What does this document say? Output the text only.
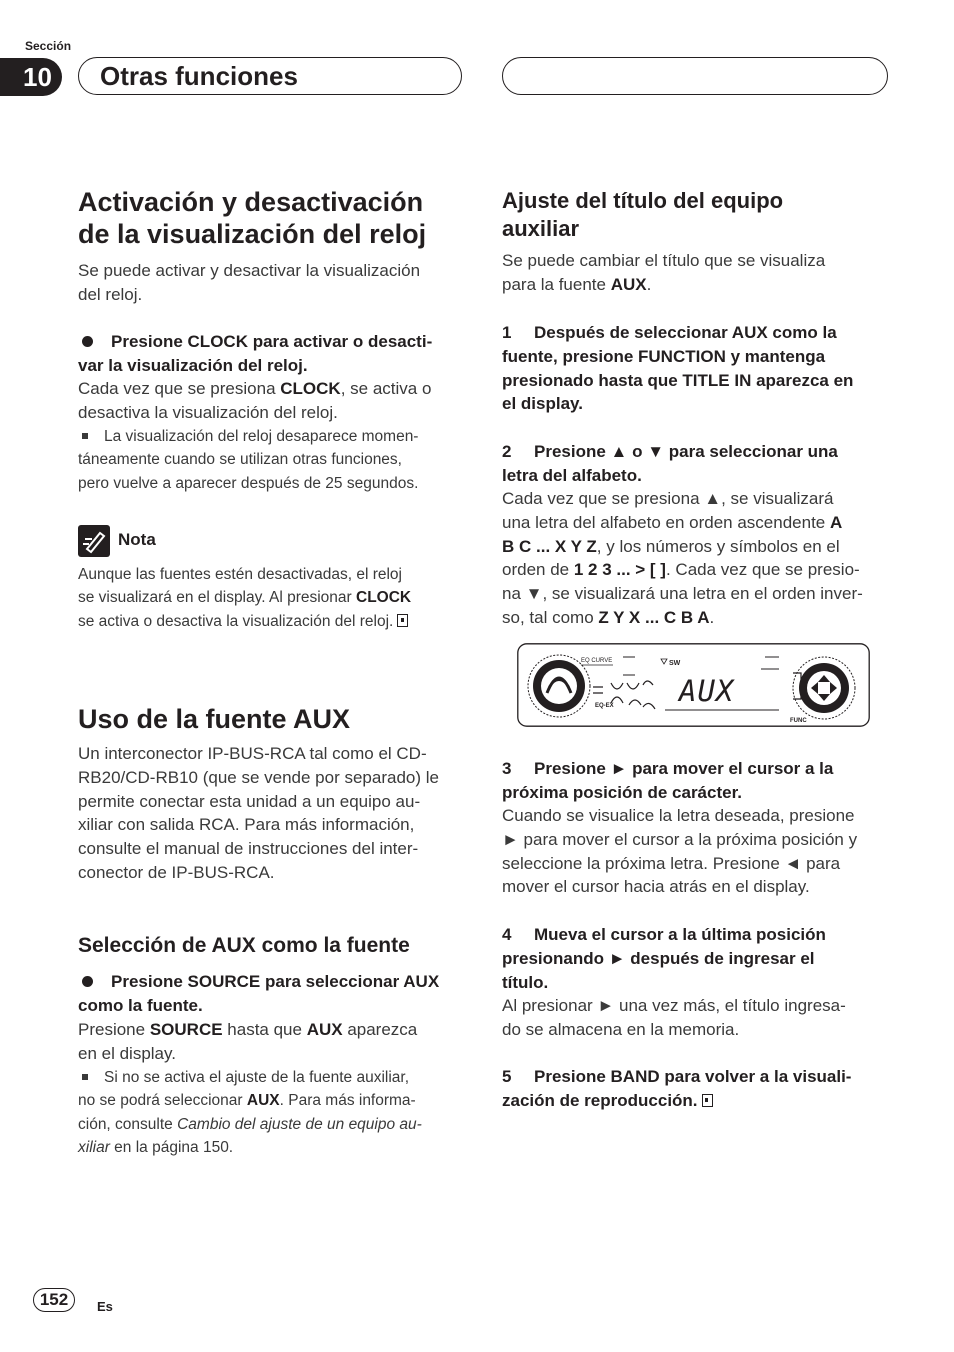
Sección
10 Otras funciones
Activación y desactivación
de la visualización del reloj
Se puede activar y desactivar la visualización
del reloj.
Presione CLOCK para activar o desacti-
var la visualización del reloj.
Cada vez que se presiona CLOCK, se activa o
desactiva la visualización del reloj.
La visualización del reloj desaparece momen-
táneamente cuando se utilizan otras funciones,
pero vuelve a aparecer después de 25 segundos.
Nota
Aunque las fuentes estén desactivadas, el reloj
se visualizará en el display. Al presionar CLOCK
se activa o desactiva la visualización del reloj.
Uso de la fuente AUX
Un interconector IP-BUS-RCA tal como el CD-
RB20/CD-RB10 (que se vende por separado) le
permite conectar esta unidad a un equipo au-
xiliar con salida RCA. Para más información,
consulte el manual de instrucciones del inter-
conector de IP-BUS-RCA.
Selección de AUX como la fuente
Presione SOURCE para seleccionar AUX
como la fuente.
Presione SOURCE hasta que AUX aparezca
en el display.
Si no se activa el ajuste de la fuente auxiliar,
no se podrá seleccionar AUX. Para más informa-
ción, consulte Cambio del ajuste de un equipo au-
xiliar en la página 150.
Ajuste del título del equipo
auxiliar
Se puede cambiar el título que se visualiza
para la fuente AUX.
1 Después de seleccionar AUX como la
fuente, presione FUNCTION y mantenga
presionado hasta que TITLE IN aparezca en
el display.
2 Presione ▲ o ▼ para seleccionar una
letra del alfabeto.
Cada vez que se presiona ▲, se visualizará
una letra del alfabeto en orden ascendente A
B C ... X Y Z, y los números y símbolos en el
orden de 1 2 3 ... > [ ]. Cada vez que se presio-
na ▼, se visualizará una letra en el orden inver-
so, tal como Z Y X ... C B A.
EQ CURVE	SW
EQ-EX AUX
FUNC
3 Presione ► para mover el cursor a la
próxima posición de carácter.
Cuando se visualice la letra deseada, presione
► para mover el cursor a la próxima posición y
seleccione la próxima letra. Presione ◄ para
mover el cursor hacia atrás en el display.
4 Mueva el cursor a la última posición
presionando ► después de ingresar el
título.
Al presionar ► una vez más, el título ingresa-
do se almacena en la memoria.
5 Presione BAND para volver a la visuali-
zación de reproducción.
152	Es
